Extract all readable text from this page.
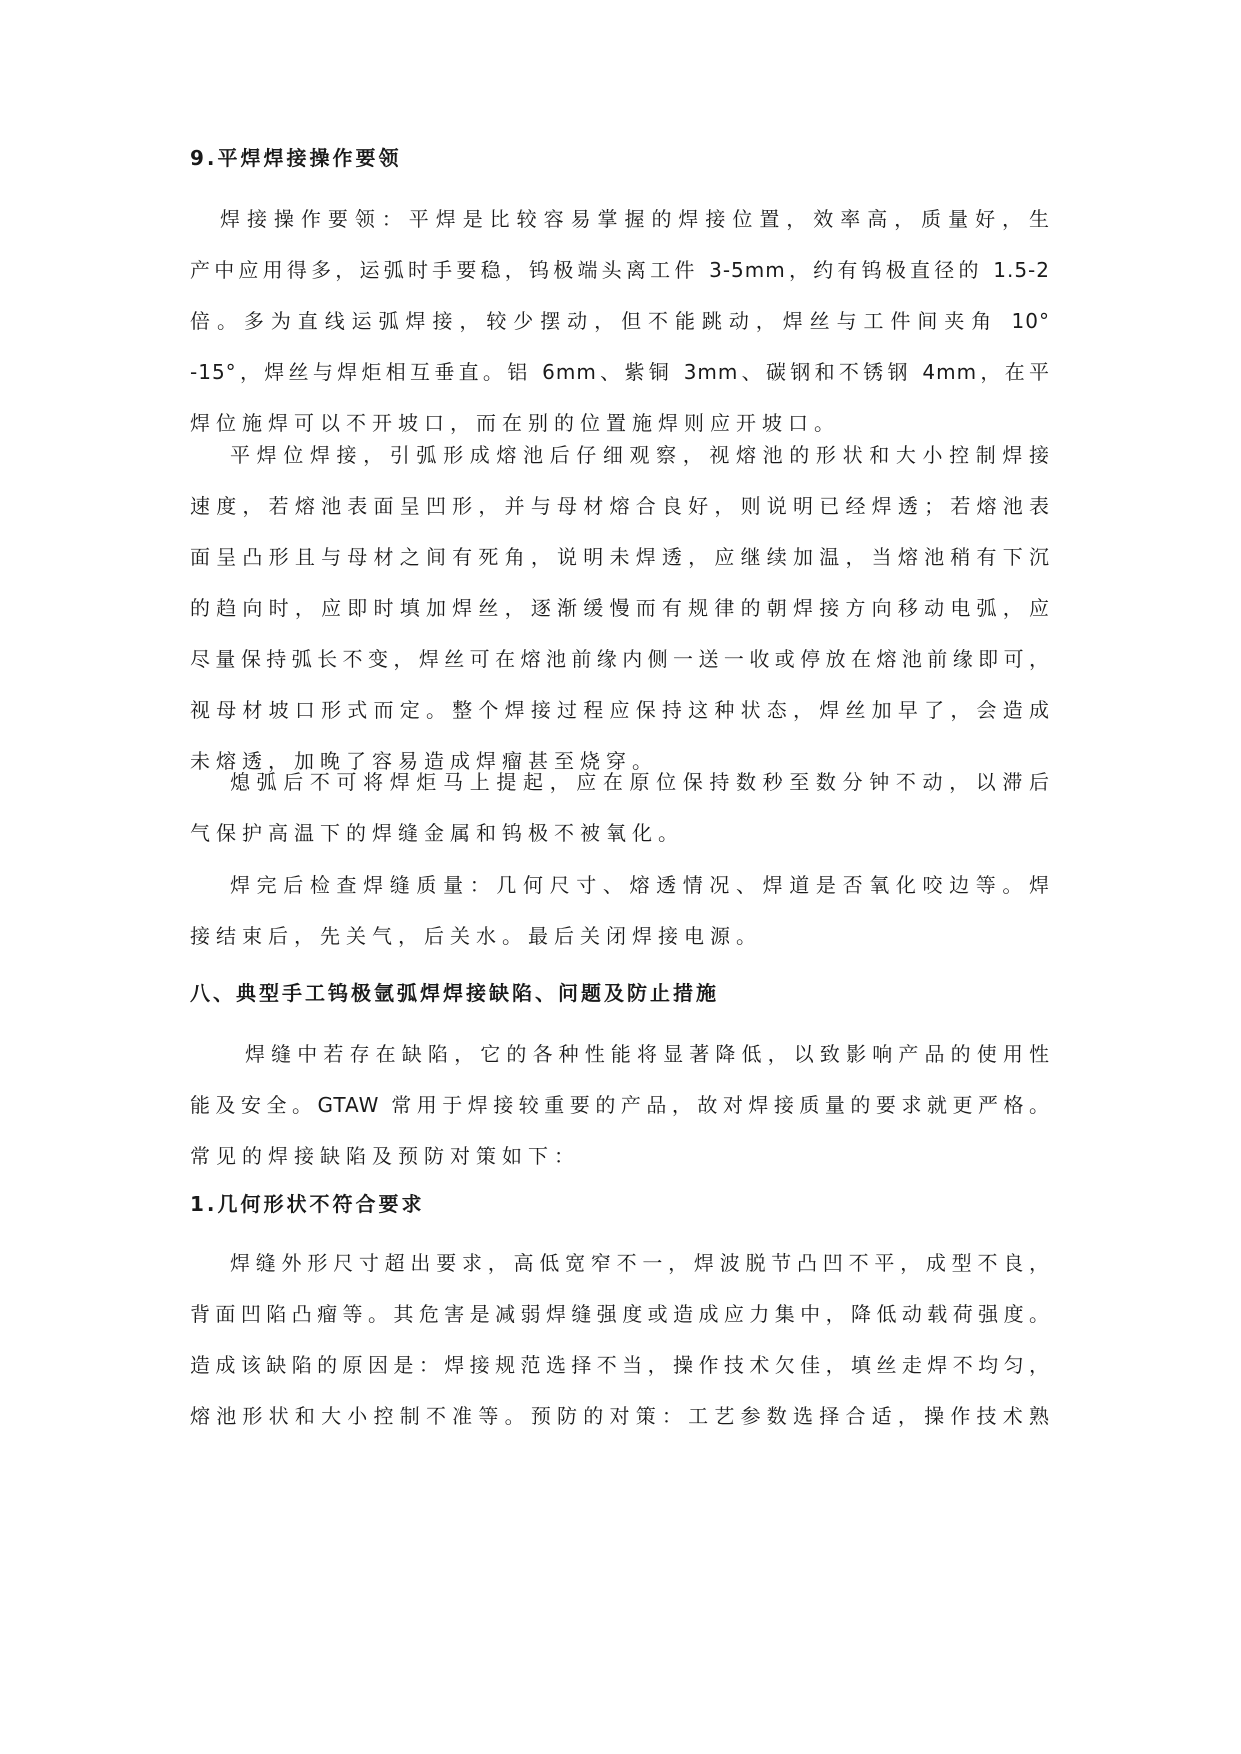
9.平焊焊接操作要领
焊接操作要领：平焊是比较容易掌握的焊接位置，效率高，质量好，生
产中应用得多，运弧时手要稳，钨极端头离工件 3-5mm，约有钨极直径的 1.5-2
倍。多为直线运弧焊接，较少摆动，但不能跳动，焊丝与工件间夹角 10°
-15°，焊丝与焊炬相互垂直。铝 6mm、紫铜 3mm、碳钢和不锈钢 4mm，在平
焊位施焊可以不开坡口，而在别的位置施焊则应开坡口。
平焊位焊接，引弧形成熔池后仔细观察，视熔池的形状和大小控制焊接
速度，若熔池表面呈凹形，并与母材熔合良好，则说明已经焊透；若熔池表
面呈凸形且与母材之间有死角，说明未焊透，应继续加温，当熔池稍有下沉
的趋向时，应即时填加焊丝，逐渐缓慢而有规律的朝焊接方向移动电弧，应
尽量保持弧长不变，焊丝可在熔池前缘内侧一送一收或停放在熔池前缘即可，
视母材坡口形式而定。整个焊接过程应保持这种状态，焊丝加早了，会造成
未熔透，加晚了容易造成焊瘤甚至烧穿。
熄弧后不可将焊炬马上提起，应在原位保持数秒至数分钟不动，以滞后
气保护高温下的焊缝金属和钨极不被氧化。
焊完后检查焊缝质量：几何尺寸、熔透情况、焊道是否氧化咬边等。焊
接结束后，先关气，后关水。最后关闭焊接电源。
八、典型手工钨极氩弧焊焊接缺陷、问题及防止措施
焊缝中若存在缺陷，它的各种性能将显著降低，以致影响产品的使用性
能及安全。GTAW 常用于焊接较重要的产品，故对焊接质量的要求就更严格。
常见的焊接缺陷及预防对策如下：
1.几何形状不符合要求
焊缝外形尺寸超出要求，高低宽窄不一，焊波脱节凸凹不平，成型不良，
背面凹陷凸瘤等。其危害是减弱焊缝强度或造成应力集中，降低动载荷强度。
造成该缺陷的原因是：焊接规范选择不当，操作技术欠佳，填丝走焊不均匀，
熔池形状和大小控制不准等。预防的对策：工艺参数选择合适，操作技术熟
